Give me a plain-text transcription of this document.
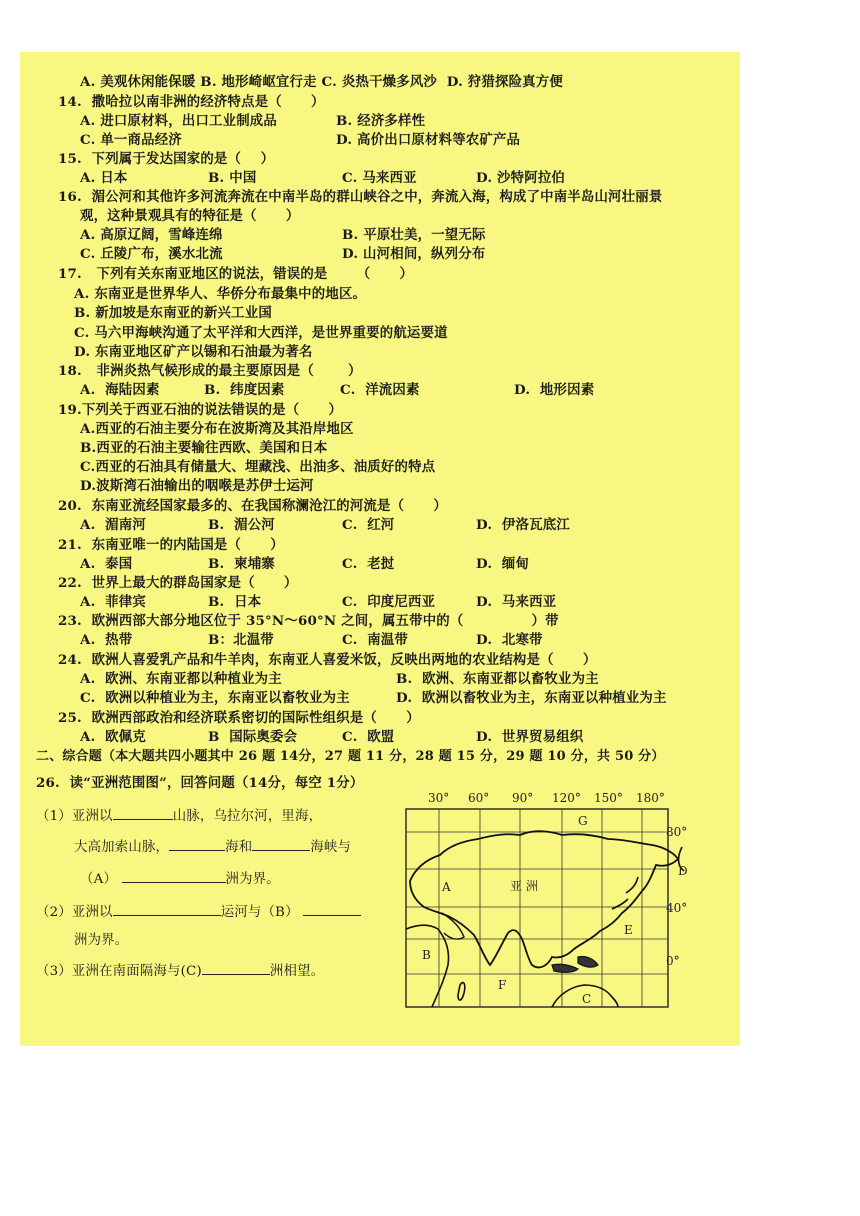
A. 美观休闲能保暖 B. 地形崎岖宜行走 C. 炎热干燥多风沙  D. 狩猎探险真方便
14.  撒哈拉以南非洲的经济特点是（      ）
A. 进口原材料，出口工业制成品	B. 经济多样性
C. 单一商品经济	D. 高价出口原材料等农矿产品
15.  下列属于发达国家的是（    ）
A. 日本	B. 中国	C. 马来西亚	D. 沙特阿拉伯
16.  湄公河和其他许多河流奔流在中南半岛的群山峡谷之中，奔流入海，构成了中南半岛山河壮丽景
观，这种景观具有的特征是（      ）
A. 高原辽阔，雪峰连绵	B. 平原壮美，一望无际
C. 丘陵广布，溪水北流	D. 山河相间，纵列分布
17.   下列有关东南亚地区的说法，错误的是      （      ）
A. 东南亚是世界华人、华侨分布最集中的地区。
B. 新加坡是东南亚的新兴工业国
C. 马六甲海峡沟通了太平洋和大西洋，是世界重要的航运要道
D. 东南亚地区矿产以锡和石油最为著名
18.   非洲炎热气候形成的最主要原因是（       ）
A.  海陆因素	B.  纬度因素	C.  洋流因素	D.  地形因素
19.下列关于西亚石油的说法错误的是（      ）
A.西亚的石油主要分布在波斯湾及其沿岸地区
B.西亚的石油主要输往西欧、美国和日本
C.西亚的石油具有储量大、埋藏浅、出油多、油质好的特点
D.波斯湾石油输出的咽喉是苏伊士运河
20.  东南亚流经国家最多的、在我国称澜沧江的河流是（      ）
A.  湄南河	B.  湄公河	C.  红河	D.  伊洛瓦底江
21.  东南亚唯一的内陆国是（      ）
A.  泰国	B.  柬埔寨	C.  老挝	D.  缅甸
22.  世界上最大的群岛国家是（      ）
A.  菲律宾	B.  日本	C.  印度尼西亚	D.  马来西亚
23.  欧洲西部大部分地区位于 35°N～60°N 之间，属五带中的（              ）带
A.  热带	B：北温带	C.  南温带	D.  北寒带
24.  欧洲人喜爱乳产品和牛羊肉，东南亚人喜爱米饭，反映出两地的农业结构是（      ）
A.  欧洲、东南亚都以种植业为主	B.  欧洲、东南亚都以畜牧业为主
C.  欧洲以种植业为主，东南亚以畜牧业为主	D.  欧洲以畜牧业为主，东南亚以种植业为主
25.  欧洲西部政治和经济联系密切的国际性组织是（      ）
A.  欧佩克	B  国际奥委会	C.  欧盟	D.  世界贸易组织
二、综合题（本大题共四小题其中 26 题 14分，27 题 11 分，28 题 15 分，29 题 10 分，共 50 分）
26.  读“亚洲范围图”，回答问题（14分，每空 1分）
（1）亚洲以	山脉，乌拉尔河，里海，
大高加索山脉，	海和	海峡与
（A）	洲为界。
（2）亚洲以	运河与（B）
洲为界。
（3）亚洲在南面隔海与(C)	洲相望。
30° 60° 90° 120° 150° 180°
80°
40°
0°
A	亚 洲
B
C
D
E
F
G
